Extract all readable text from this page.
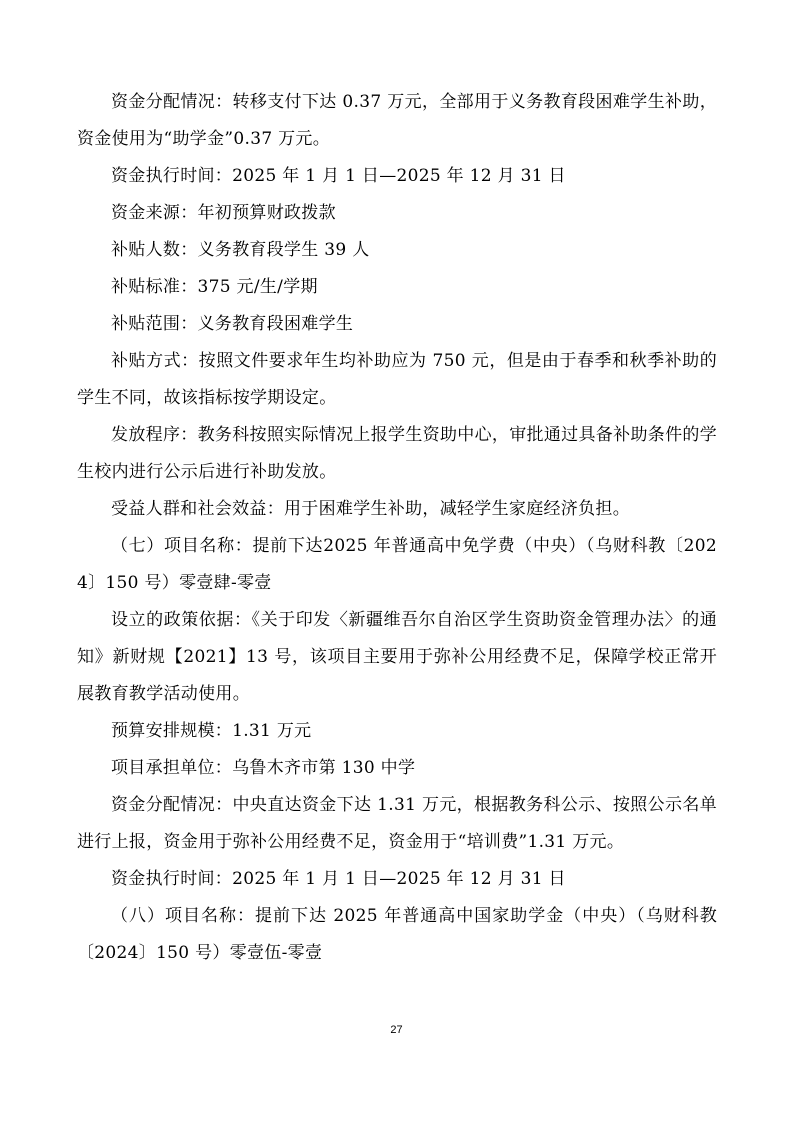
资金分配情况：转移支付下达 0.37 万元，全部用于义务教育段困难学生补助，资金使用为“助学金”0.37 万元。

资金执行时间：2025 年 1 月 1 日—2025 年 12 月 31 日

资金来源：年初预算财政拨款

补贴人数：义务教育段学生 39 人

补贴标准：375 元/生/学期

补贴范围：义务教育段困难学生

补贴方式：按照文件要求年生均补助应为 750 元，但是由于春季和秋季补助的学生不同，故该指标按学期设定。

发放程序：教务科按照实际情况上报学生资助中心，审批通过具备补助条件的学生校内进行公示后进行补助发放。

受益人群和社会效益：用于困难学生补助，减轻学生家庭经济负担。

（七）项目名称：提前下达2025 年普通高中免学费（中央）（乌财科教〔2024〕150 号）零壹肆-零壹

设立的政策依据：《关于印发〈新疆维吾尔自治区学生资助资金管理办法〉的通知》新财规【2021】13 号，该项目主要用于弥补公用经费不足，保障学校正常开展教育教学活动使用。

预算安排规模：1.31 万元

项目承担单位：乌鲁木齐市第 130 中学

资金分配情况：中央直达资金下达 1.31 万元，根据教务科公示、按照公示名单进行上报，资金用于弥补公用经费不足，资金用于“培训费”1.31 万元。

资金执行时间：2025 年 1 月 1 日—2025 年 12 月 31 日

（八）项目名称：提前下达 2025 年普通高中国家助学金（中央）（乌财科教〔2024〕150 号）零壹伍-零壹

27
